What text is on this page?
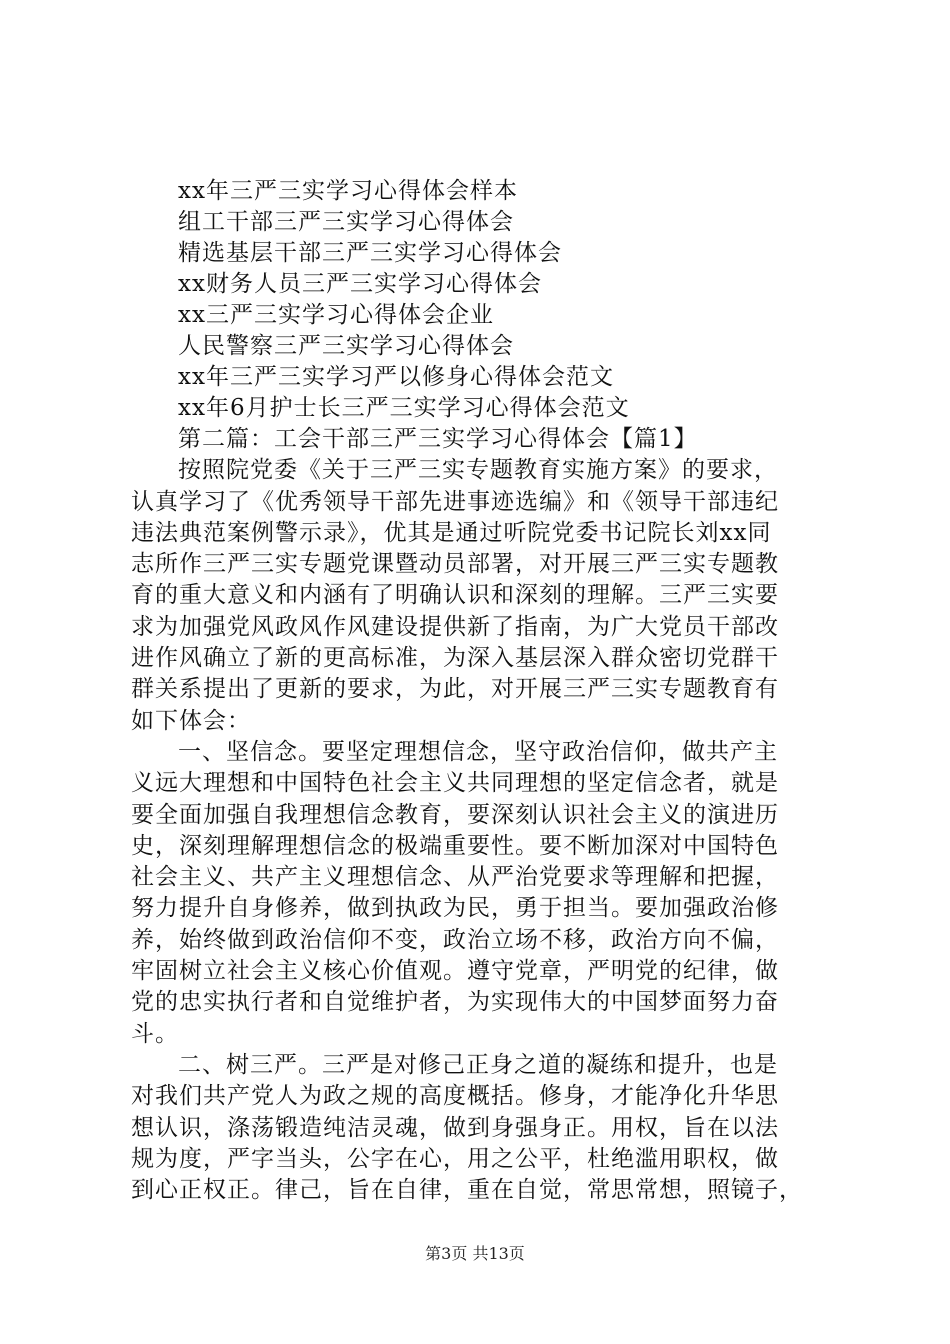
xx年三严三实学习心得体会样本
组工干部三严三实学习心得体会
精选基层干部三严三实学习心得体会
xx财务人员三严三实学习心得体会
xx三严三实学习心得体会企业
人民警察三严三实学习心得体会
xx年三严三实学习严以修身心得体会范文
xx年6月护士长三严三实学习心得体会范文
第二篇：工会干部三严三实学习心得体会【篇1】
按照院党委《关于三严三实专题教育实施方案》的要求，
认真学习了《优秀领导干部先进事迹选编》和《领导干部违纪
违法典范案例警示录》，优其是通过听院党委书记院长刘xx同
志所作三严三实专题党课暨动员部署，对开展三严三实专题教
育的重大意义和内涵有了明确认识和深刻的理解。三严三实要
求为加强党风政风作风建设提供新了指南，为广大党员干部改
进作风确立了新的更高标准，为深入基层深入群众密切党群干
群关系提出了更新的要求，为此，对开展三严三实专题教育有
如下体会：
一、坚信念。要坚定理想信念，坚守政治信仰，做共产主
义远大理想和中国特色社会主义共同理想的坚定信念者，就是
要全面加强自我理想信念教育，要深刻认识社会主义的演进历
史，深刻理解理想信念的极端重要性。要不断加深对中国特色
社会主义、共产主义理想信念、从严治党要求等理解和把握，
努力提升自身修养，做到执政为民，勇于担当。要加强政治修
养，始终做到政治信仰不变，政治立场不移，政治方向不偏，
牢固树立社会主义核心价值观。遵守党章，严明党的纪律，做
党的忠实执行者和自觉维护者，为实现伟大的中国梦面努力奋
斗。
二、树三严。三严是对修己正身之道的凝练和提升，也是
对我们共产党人为政之规的高度概括。修身，才能净化升华思
想认识，涤荡锻造纯洁灵魂，做到身强身正。用权，旨在以法
规为度，严字当头，公字在心，用之公平，杜绝滥用职权，做
到心正权正。律己，旨在自律，重在自觉，常思常想，照镜子，
第3页 共13页
